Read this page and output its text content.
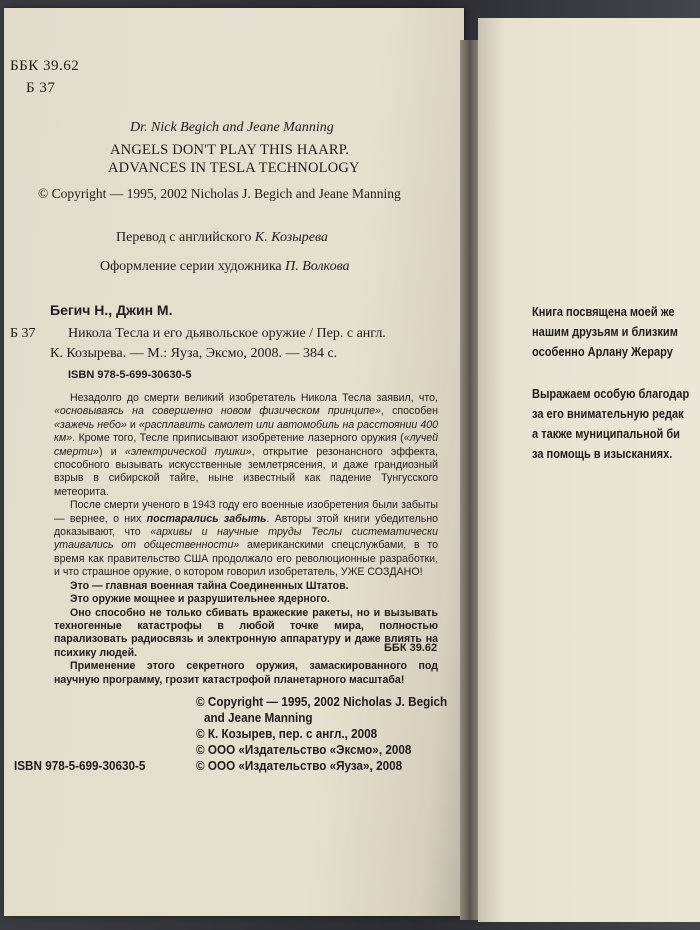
ББК 39.62
Б 37
Dr. Nick Begich and Jeane Manning
ANGELS DON'T PLAY THIS HAARP.
ADVANCES IN TESLA TECHNOLOGY
© Copyright — 1995, 2002 Nicholas J. Begich and Jeane Manning
Перевод с английского К. Козырева
Оформление серии художника П. Волкова
Бегич Н., Джин М.
Б 37 Никола Тесла и его дьявольское оружие / Пер. с англ.
К. Козырева. — М.: Яуза, Эксмо, 2008. — 384 с.
ISBN 978-5-699-30630-5

Незадолго до смерти великий изобретатель Никола Тесла заявил, что, «основываясь на совершенно новом физическом принципе», способен «зажечь небо» и «расплавить самолет или автомобиль на расстоянии 400 км». Кроме того, Тесле приписывают изобретение лазерного оружия («лучей смерти») и «электрической пушки», открытие резонансного эффекта, способного вызывать искусственные землетрясения, и даже грандиозный взрыв в сибирской тайге, ныне известный как падение Тунгусского метеорита.

После смерти ученого в 1943 году его военные изобретения были забыты — вернее, о них постарались забыть. Авторы этой книги убедительно доказывают, что «архивы и научные труды Теслы систематически утаивались от общественности» американскими спецслужбами, в то время как правительство США продолжало его революционные разработки, и что страшное оружие, о котором говорил изобретатель, УЖЕ СОЗДАНО!

Это — главная военная тайна Соединенных Штатов.

Это оружие мощнее и разрушительнее ядерного.

Оно способно не только сбивать вражеские ракеты, но и вызывать техногенные катастрофы в любой точке мира, полностью парализовать радиосвязь и электронную аппаратуру и даже влиять на психику людей.

Применение этого секретного оружия, замаскированного под научную программу, грозит катастрофой планетарного масштаба!

ББК 39.62
© Copyright — 1995, 2002 Nicholas J. Begich
and Jeane Manning
© К. Козырев, пер. с англ., 2008
© ООО «Издательство «Эксмо», 2008
© ООО «Издательство «Яуза», 2008
ISBN 978-5-699-30630-5
Книга посвящена моей же
нашим друзьям и близким
особенно Арлану Жерару
Выражаем особую благодар
за его внимательную редак
а также муниципальной би
за помощь в изысканиях.
